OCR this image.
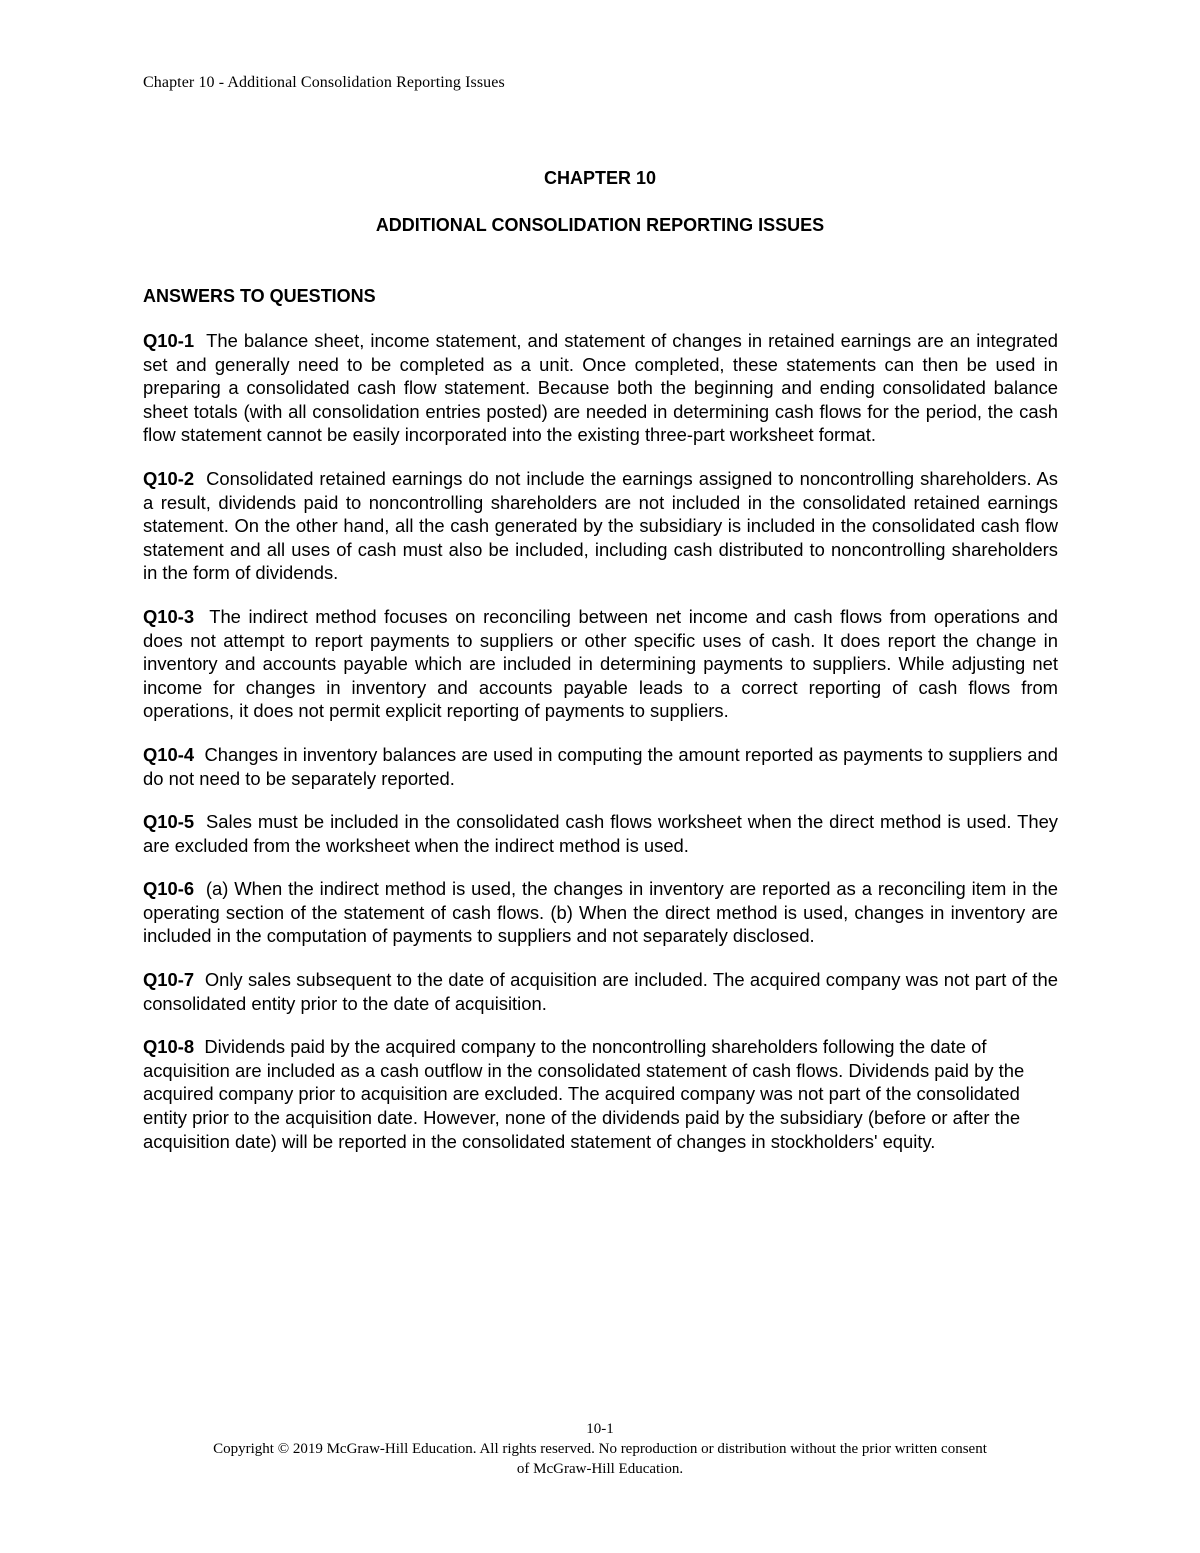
Chapter 10 - Additional Consolidation Reporting Issues
CHAPTER 10
ADDITIONAL CONSOLIDATION REPORTING ISSUES
ANSWERS TO QUESTIONS

Q10-1 The balance sheet, income statement, and statement of changes in retained earnings are an integrated set and generally need to be completed as a unit. Once completed, these statements can then be used in preparing a consolidated cash flow statement. Because both the beginning and ending consolidated balance sheet totals (with all consolidation entries posted) are needed in determining cash flows for the period, the cash flow statement cannot be easily incorporated into the existing three-part worksheet format.

Q10-2 Consolidated retained earnings do not include the earnings assigned to noncontrolling shareholders. As a result, dividends paid to noncontrolling shareholders are not included in the consolidated retained earnings statement. On the other hand, all the cash generated by the subsidiary is included in the consolidated cash flow statement and all uses of cash must also be included, including cash distributed to noncontrolling shareholders in the form of dividends.

Q10-3 The indirect method focuses on reconciling between net income and cash flows from operations and does not attempt to report payments to suppliers or other specific uses of cash. It does report the change in inventory and accounts payable which are included in determining payments to suppliers. While adjusting net income for changes in inventory and accounts payable leads to a correct reporting of cash flows from operations, it does not permit explicit reporting of payments to suppliers.

Q10-4 Changes in inventory balances are used in computing the amount reported as payments to suppliers and do not need to be separately reported.

Q10-5 Sales must be included in the consolidated cash flows worksheet when the direct method is used. They are excluded from the worksheet when the indirect method is used.

Q10-6 (a) When the indirect method is used, the changes in inventory are reported as a reconciling item in the operating section of the statement of cash flows. (b) When the direct method is used, changes in inventory are included in the computation of payments to suppliers and not separately disclosed.

Q10-7 Only sales subsequent to the date of acquisition are included. The acquired company was not part of the consolidated entity prior to the date of acquisition.

Q10-8 Dividends paid by the acquired company to the noncontrolling shareholders following the date of acquisition are included as a cash outflow in the consolidated statement of cash flows. Dividends paid by the acquired company prior to acquisition are excluded. The acquired company was not part of the consolidated entity prior to the acquisition date. However, none of the dividends paid by the subsidiary (before or after the acquisition date) will be reported in the consolidated statement of changes in stockholders' equity.

10-1
Copyright © 2019 McGraw-Hill Education. All rights reserved. No reproduction or distribution without the prior written consent
of McGraw-Hill Education.
